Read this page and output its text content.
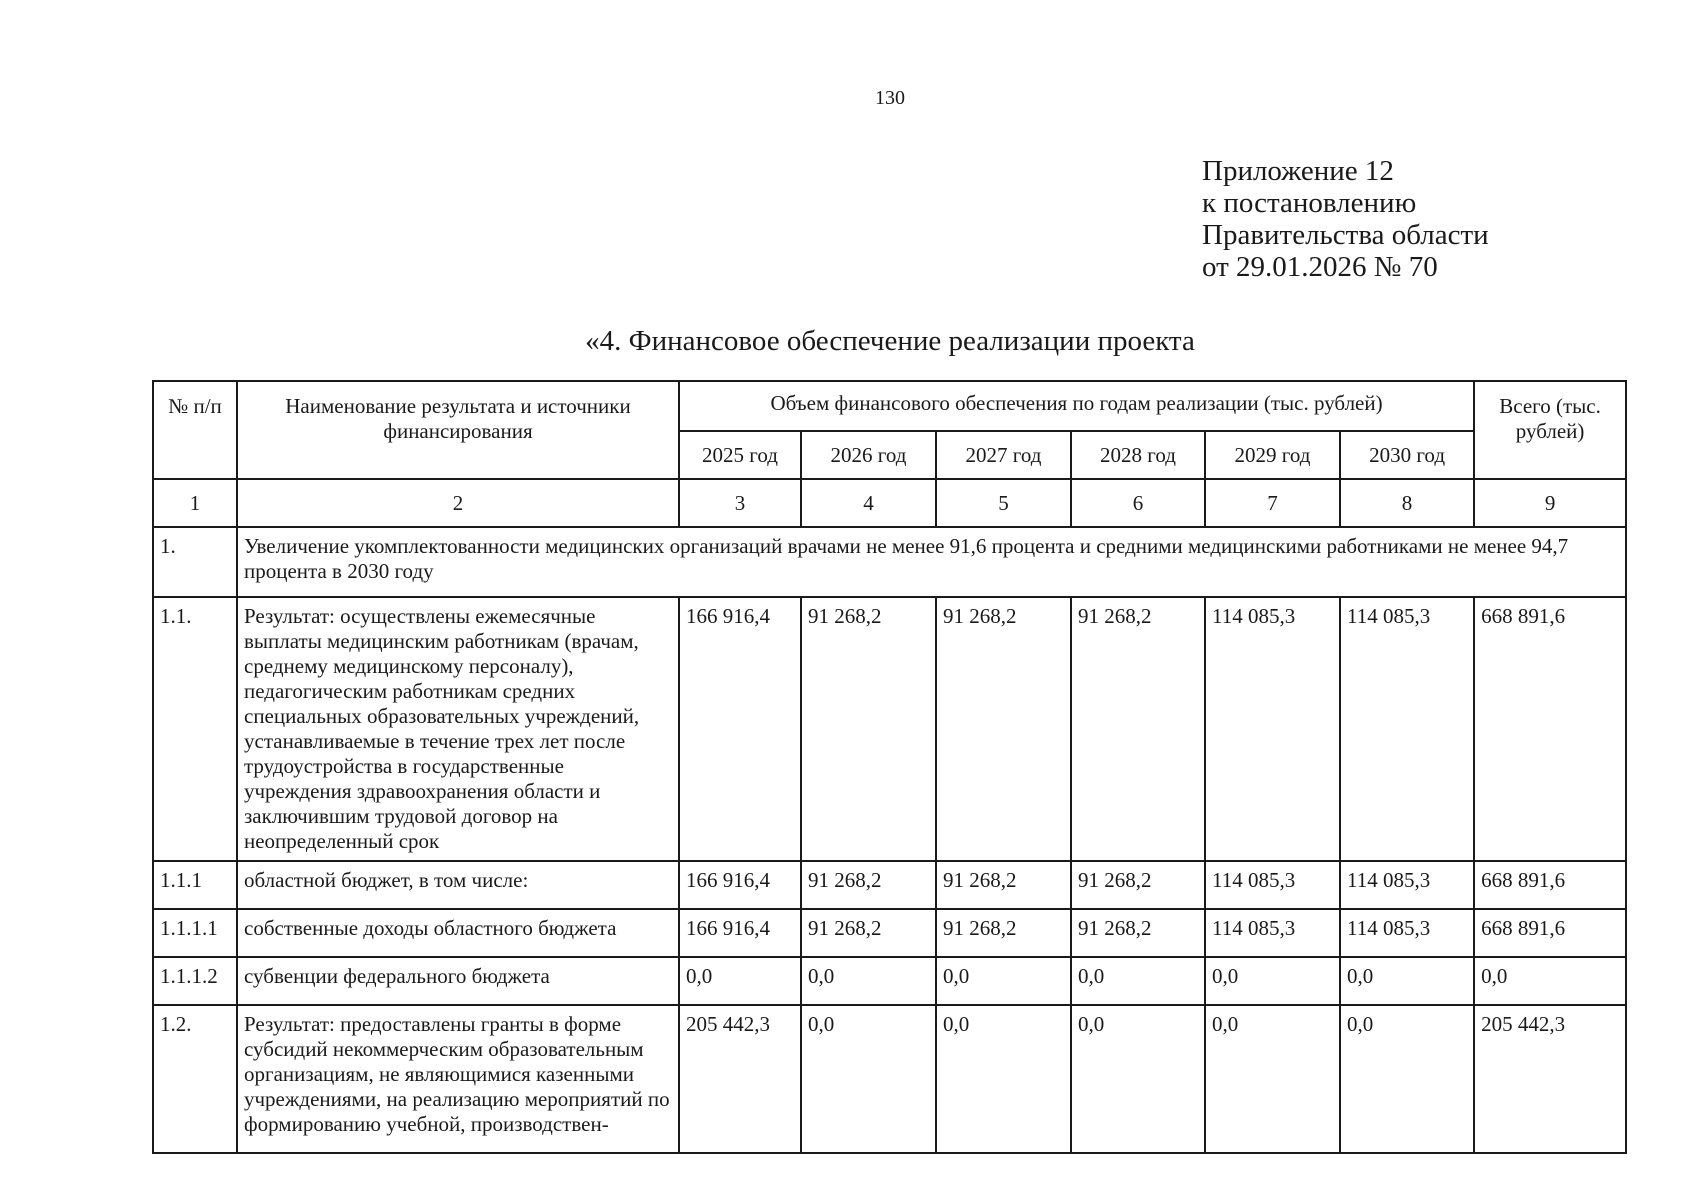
130
Приложение 12
к постановлению
Правительства области
от 29.01.2026 № 70
«4. Финансовое обеспечение реализации проекта
№ п/п	Наименование результата и источники финансирования	Объем финансового обеспечения по годам реализации (тыс. рублей)						Всего (тыс. рублей)
		2025 год	2026 год	2027 год	2028 год	2029 год	2030 год	
1	2	3	4	5	6	7	8	9
1.	Увеличение укомплектованности медицинских организаций врачами не менее 91,6 процента и средними медицинскими работниками не менее 94,7 процента в 2030 году							
1.1.	Результат: осуществлены ежемесячные выплаты медицинским работникам (врачам, среднему медицинскому персоналу), педагогическим работникам средних специальных образовательных учреждений, устанавливаемые в течение трех лет после трудоустройства в государственные учреждения здравоохранения области и заключившим трудовой договор на неопределенный срок	166 916,4	91 268,2	91 268,2	91 268,2	114 085,3	114 085,3	668 891,6
1.1.1	областной бюджет, в том числе:	166 916,4	91 268,2	91 268,2	91 268,2	114 085,3	114 085,3	668 891,6
1.1.1.1	собственные доходы областного бюджета	166 916,4	91 268,2	91 268,2	91 268,2	114 085,3	114 085,3	668 891,6
1.1.1.2	субвенции федерального бюджета	0,0	0,0	0,0	0,0	0,0	0,0	0,0
1.2.	Результат: предоставлены гранты в форме субсидий некоммерческим образовательным организациям, не являющимися казенными учреждениями, на реализацию мероприятий по формированию учебной, производствен-	205 442,3	0,0	0,0	0,0	0,0	0,0	205 442,3
